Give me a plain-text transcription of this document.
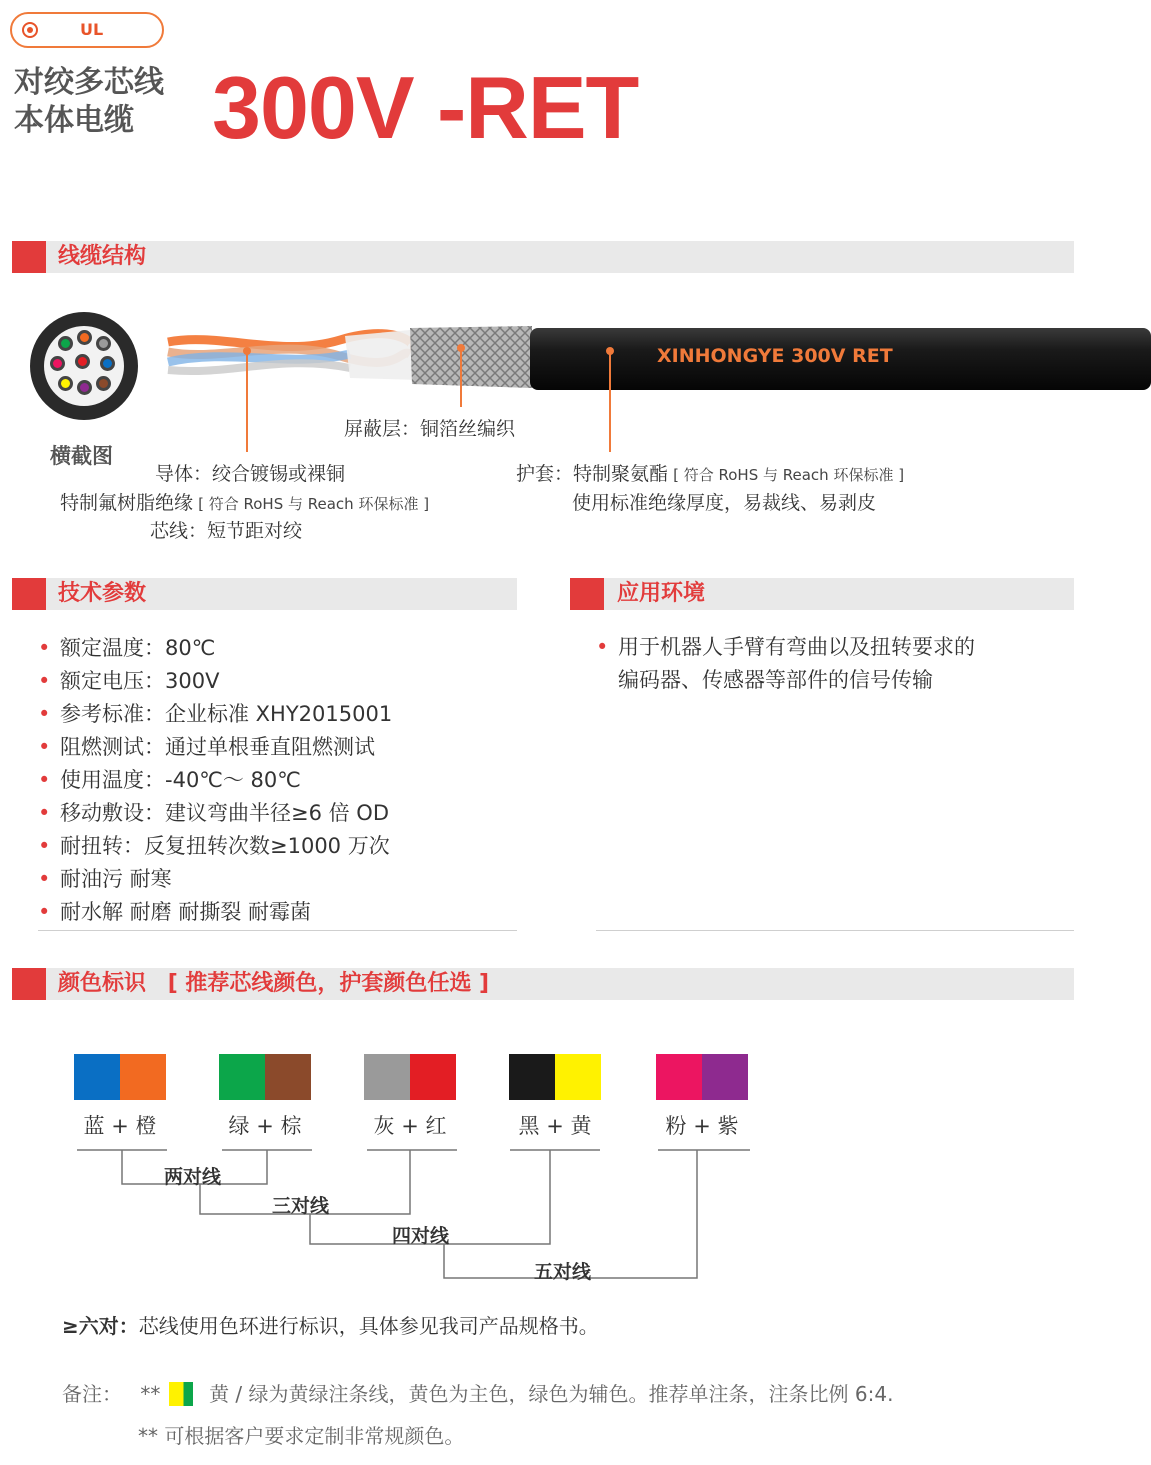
UL
对绞多芯线
本体电缆 300V -RET
线缆结构
横截图
XINHONGYE 300V RET
屏蔽层：铜箔丝编织
导体：绞合镀锡或裸铜
特制氟树脂绝缘 [ 符合 RoHS 与 Reach 环保标准 ]
芯线：短节距对绞
护套：特制聚氨酯 [ 符合 RoHS 与 Reach 环保标准 ]
使用标准绝缘厚度，易裁线、易剥皮
技术参数
• 额定温度：80℃
• 额定电压：300V
• 参考标准：企业标准 XHY2015001
• 阻燃测试：通过单根垂直阻燃测试
• 使用温度：-40℃～ 80℃
• 移动敷设：建议弯曲半径≥6 倍 OD
• 耐扭转：反复扭转次数≥1000 万次
• 耐油污 耐寒
• 耐水解 耐磨 耐撕裂 耐霉菌
应用环境
• 用于机器人手臂有弯曲以及扭转要求的
编码器、传感器等部件的信号传输
颜色标识 [ 推荐芯线颜色，护套颜色任选 ]
蓝 + 橙	绿 + 棕	灰 + 红	黑 + 黄	粉 + 紫
两对线
三对线
四对线
五对线
≥六对：芯线使用色环进行标识，具体参见我司产品规格书。
备注： ** 黄 / 绿为黄绿注条线，黄色为主色，绿色为辅色。推荐单注条，注条比例 6:4.
** 可根据客户要求定制非常规颜色。
